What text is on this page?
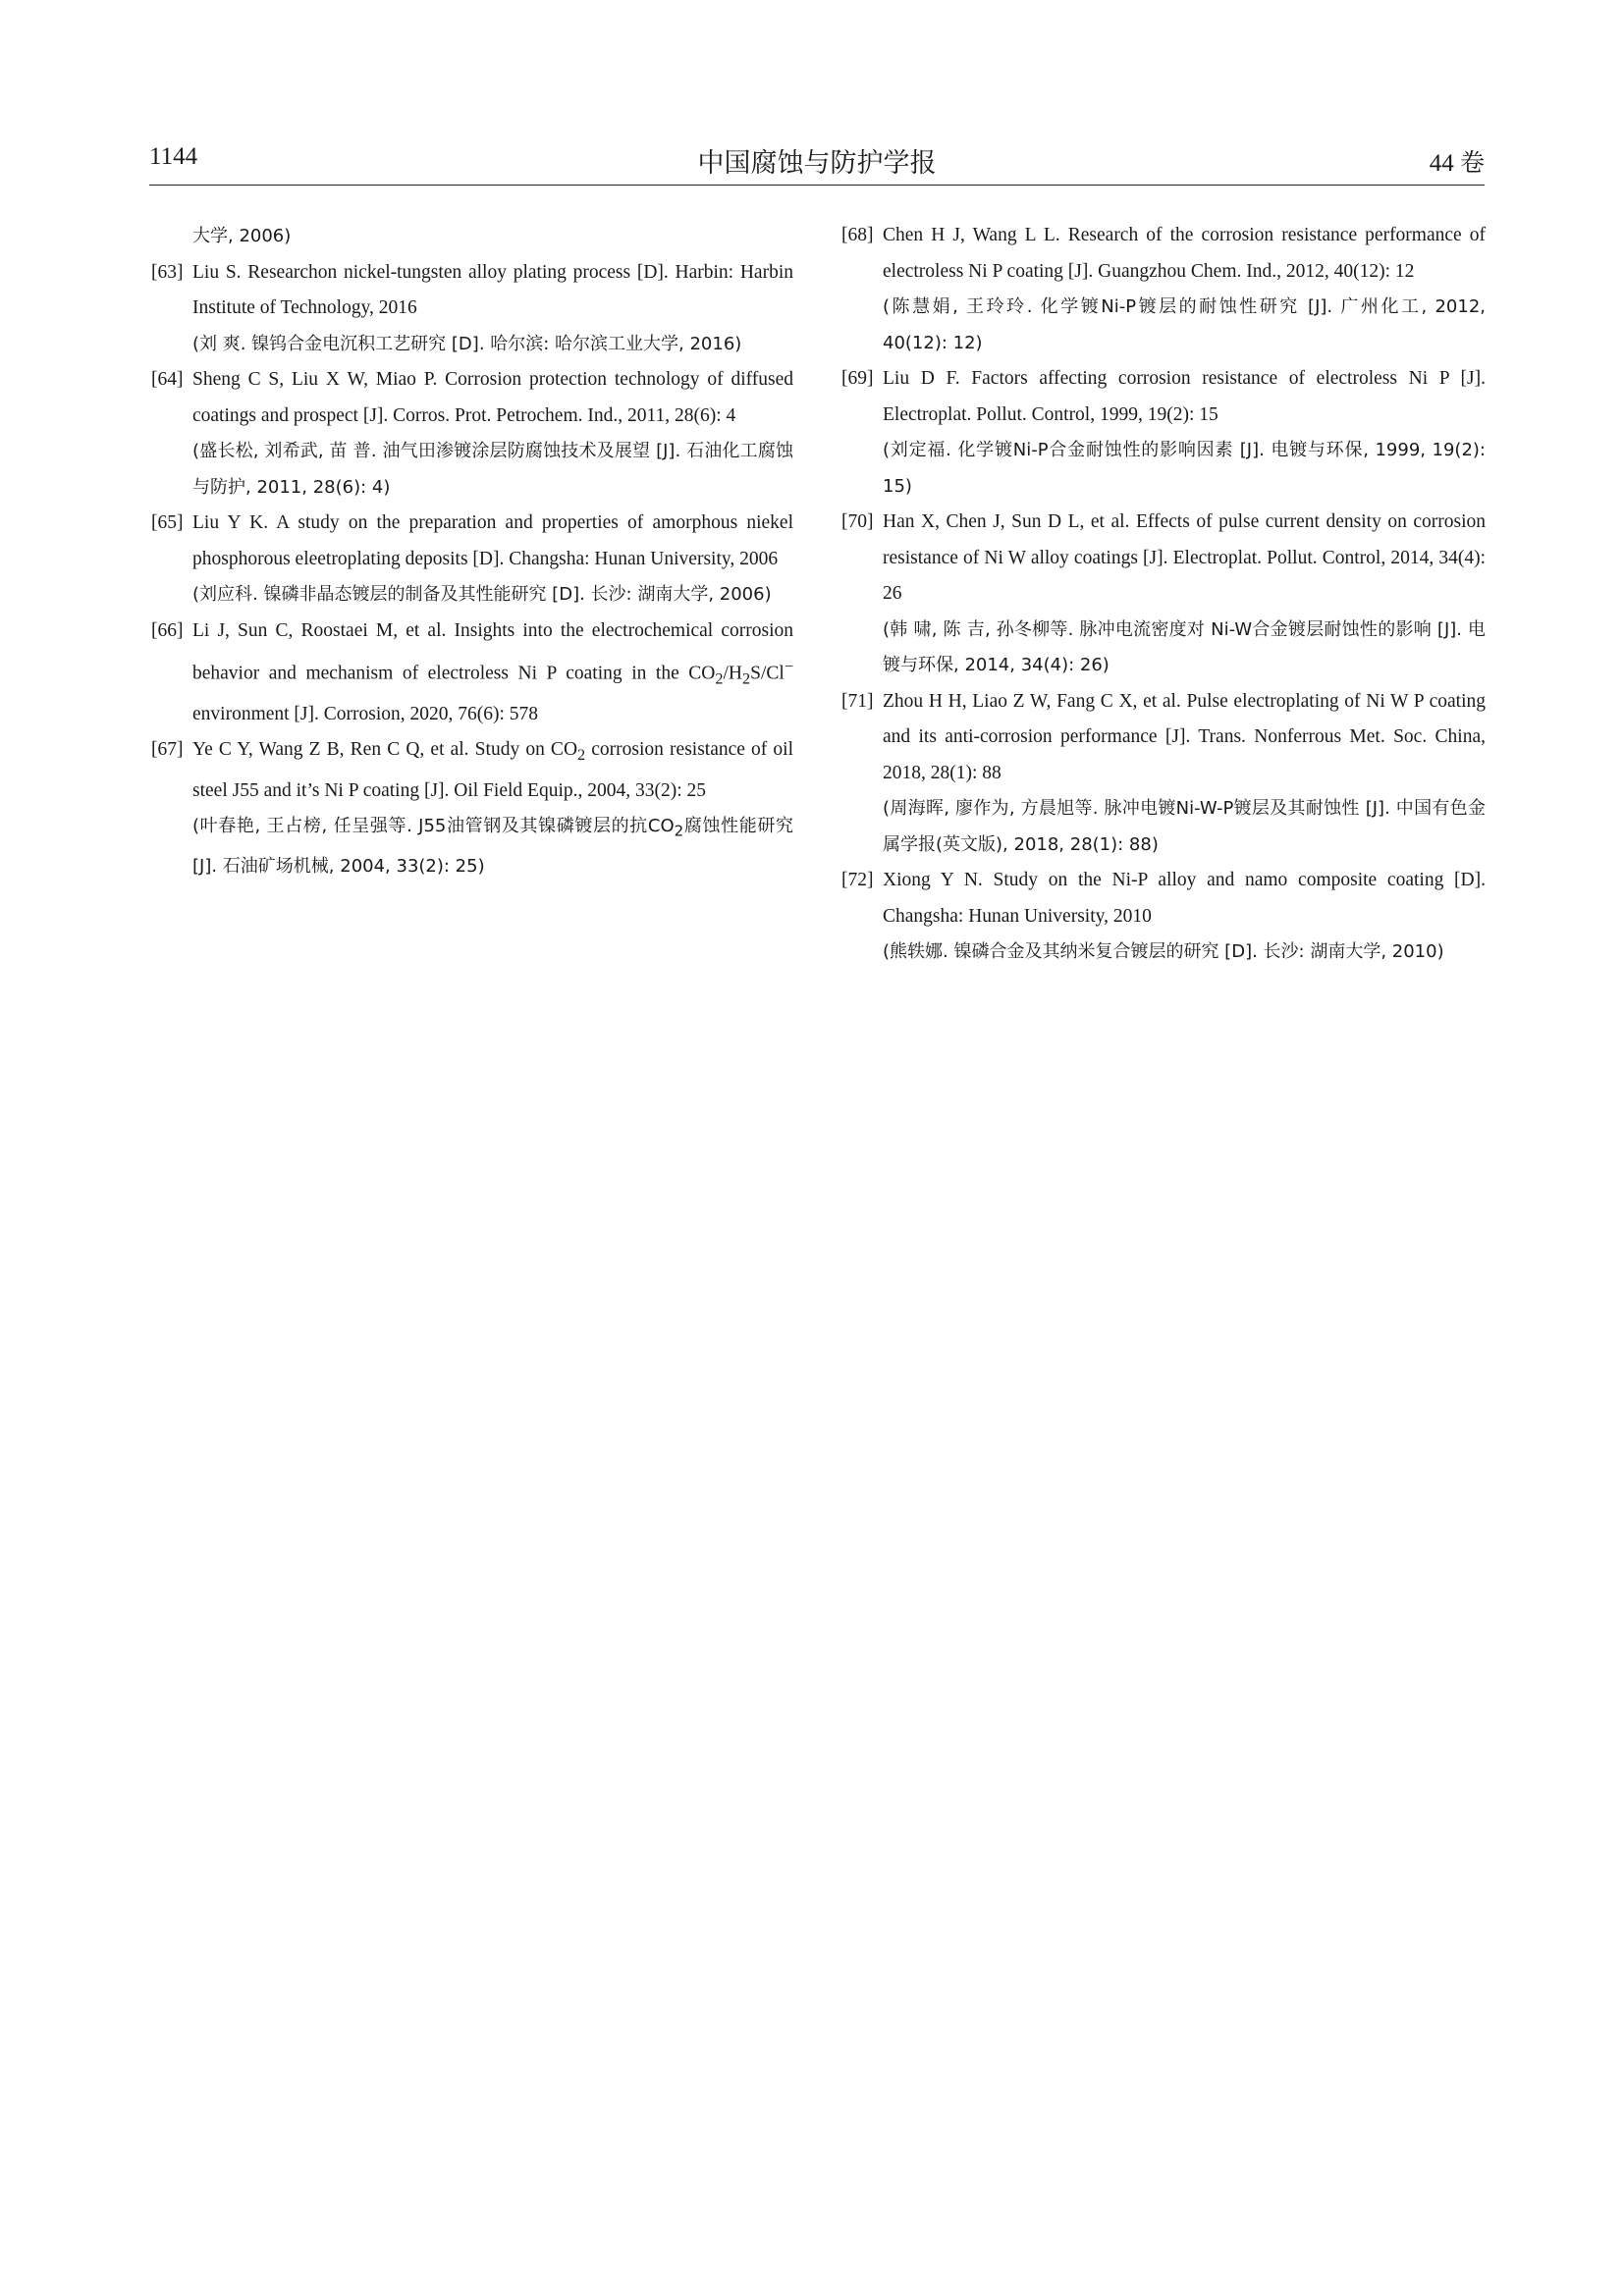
1144	中国腐蚀与防护学报	44 卷
大学, 2006)
[63] Liu S. Researchon nickel-tungsten alloy plating process [D]. Harbin: Harbin Institute of Technology, 2016
(刘 爽. 镍钨合金电沉积工艺研究 [D]. 哈尔滨: 哈尔滨工业大学, 2016)
[64] Sheng C S, Liu X W, Miao P. Corrosion protection technology of diffused coatings and prospect [J]. Corros. Prot. Petrochem. Ind., 2011, 28(6): 4
(盛长松, 刘希武, 苗 普. 油气田渗镀涂层防腐蚀技术及展望 [J]. 石油化工腐蚀与防护, 2011, 28(6): 4)
[65] Liu Y K. A study on the preparation and properties of amorphous niekel phosphorous eleetroplating deposits [D]. Changsha: Hunan University, 2006
(刘应科. 镍磷非晶态镀层的制备及其性能研究 [D]. 长沙: 湖南大学, 2006)
[66] Li J, Sun C, Roostaei M, et al. Insights into the electrochemical corrosion behavior and mechanism of electroless Ni P coating in the $CO_2/H_2S/Cl^-$ environment [J]. Corrosion, 2020, 76(6): 578
[67] Ye C Y, Wang Z B, Ren C Q, et al. Study on $CO_2$ corrosion resistance of oil steel J55 and it’s Ni P coating [J]. Oil Field Equip., 2004, 33(2): 25
(叶春艳, 王占榜, 任呈强等. J55油管钢及其镍磷镀层的抗$CO_2$腐蚀性能研究 [J]. 石油矿场机械, 2004, 33(2): 25)
[68] Chen H J, Wang L L. Research of the corrosion resistance performance of electroless Ni P coating [J]. Guangzhou Chem. Ind., 2012, 40(12): 12
(陈慧娟, 王玲玲. 化学镀Ni-P镀层的耐蚀性研究 [J]. 广州化工, 2012, 40(12): 12)
[69] Liu D F. Factors affecting corrosion resistance of electroless Ni P [J]. Electroplat. Pollut. Control, 1999, 19(2): 15
(刘定福. 化学镀Ni-P合金耐蚀性的影响因素 [J]. 电镀与环保, 1999, 19(2): 15)
[70] Han X, Chen J, Sun D L, et al. Effects of pulse current density on corrosion resistance of Ni W alloy coatings [J]. Electroplat. Pollut. Control, 2014, 34(4): 26
(韩 啸, 陈 吉, 孙冬柳等. 脉冲电流密度对 Ni-W合金镀层耐蚀性的影响 [J]. 电镀与环保, 2014, 34(4): 26)
[71] Zhou H H, Liao Z W, Fang C X, et al. Pulse electroplating of Ni W P coating and its anti-corrosion performance [J]. Trans. Nonferrous Met. Soc. China, 2018, 28(1): 88
(周海晖, 廖作为, 方晨旭等. 脉冲电镀Ni-W-P镀层及其耐蚀性 [J]. 中国有色金属学报(英文版), 2018, 28(1): 88)
[72] Xiong Y N. Study on the Ni-P alloy and namo composite coating [D]. Changsha: Hunan University, 2010
(熊轶娜. 镍磷合金及其纳米复合镀层的研究 [D]. 长沙: 湖南大学, 2010)
